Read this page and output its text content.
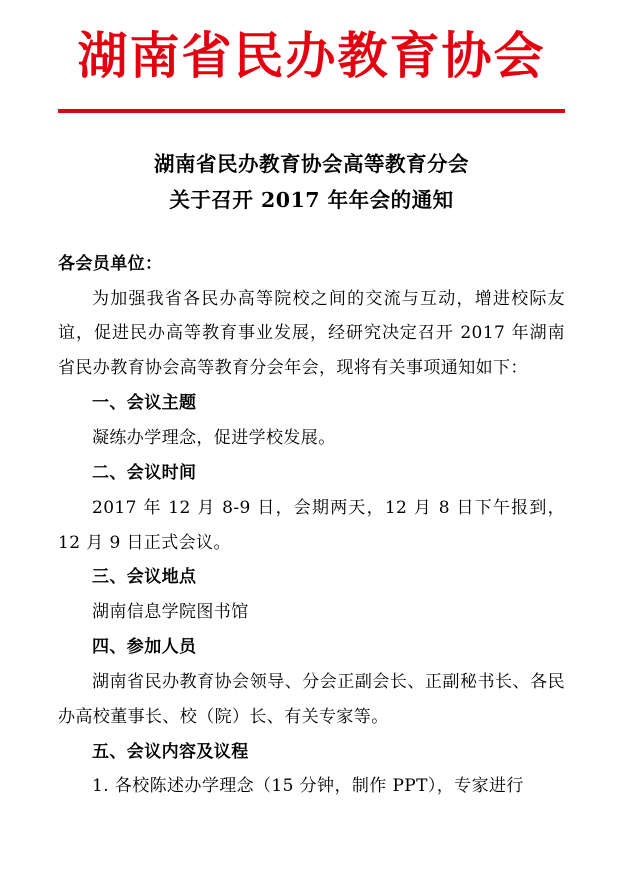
湖南省民办教育协会
湖南省民办教育协会高等教育分会
关于召开 2017 年年会的通知

各会员单位：

为加强我省各民办高等院校之间的交流与互动，增进校际友谊，促进民办高等教育事业发展，经研究决定召开 2017 年湖南省民办教育协会高等教育分会年会，现将有关事项通知如下：

一、会议主题

凝练办学理念，促进学校发展。

二、会议时间

2017 年 12 月 8-9 日，会期两天，12 月 8 日下午报到，12 月 9 日正式会议。

三、会议地点

湖南信息学院图书馆

四、参加人员

湖南省民办教育协会领导、分会正副会长、正副秘书长、各民办高校董事长、校（院）长、有关专家等。

五、会议内容及议程

1. 各校陈述办学理念（15 分钟，制作 PPT），专家进行
